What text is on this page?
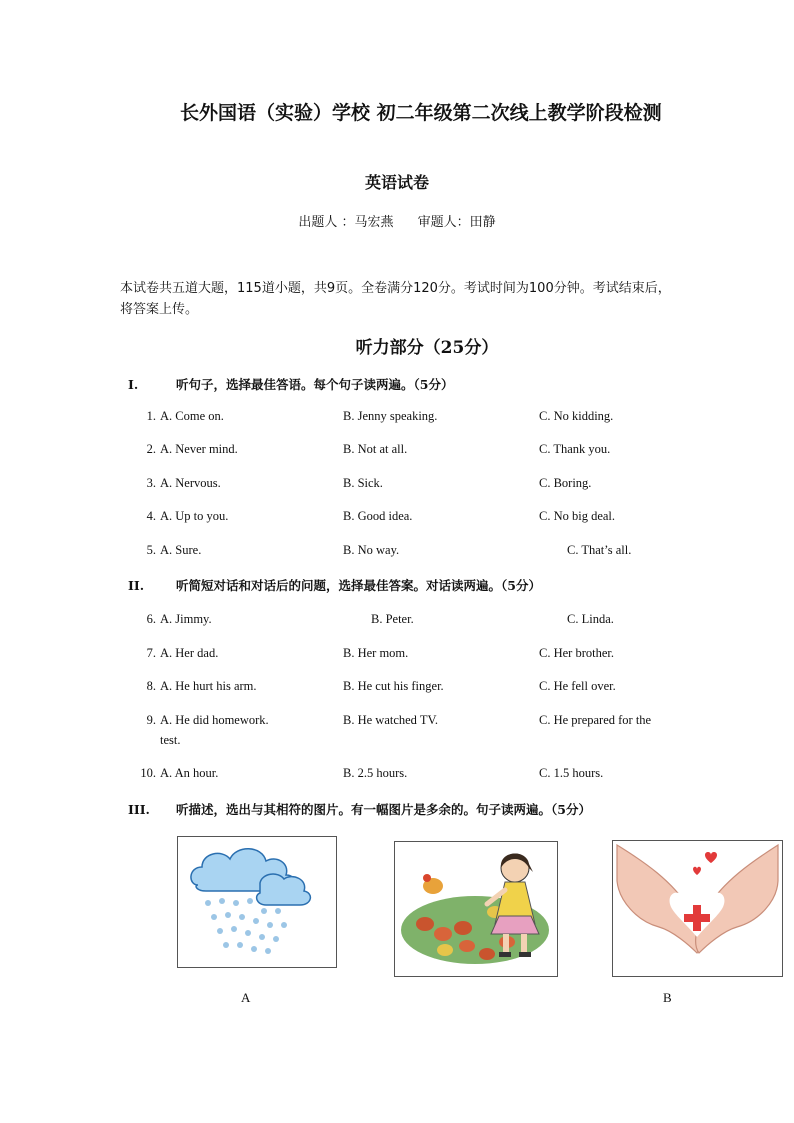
长外国语（实验）学校 初二年级第二次线上教学阶段检测
英语试卷
出题人 ：马宏燕 审题人：田静
本试卷共五道大题，115道小题，共9页。全卷满分120分。考试时间为100分钟。考试结束后，将答案上传。
听力部分（25分）
I.	听句子，选择最佳答语。每个句子读两遍。（5分）
1. A. Come on.	B. Jenny speaking.	C. No kidding.
2. A. Never mind.	B. Not at all.	C. Thank you.
3. A. Nervous.	B. Sick.	C. Boring.
4. A. Up to you.	B. Good idea.	C. No big deal.
5. A. Sure.	B. No way.	C. That’s all.
II.	听简短对话和对话后的问题，选择最佳答案。对话读两遍。（5分）
6. A. Jimmy.	B. Peter.	C. Linda.
7. A. Her dad.	B. Her mom.	C. Her brother.
8. A. He hurt his arm.	B. He cut his finger.	C. He fell over.
9. A. He did homework.	B. He watched TV.	C. He prepared for the
test.
10. A. An hour.	B. 2.5 hours.	C. 1.5 hours.
III. 听描述，选出与其相符的图片。有一幅图片是多余的。句子读两遍。（5分）
A	B
